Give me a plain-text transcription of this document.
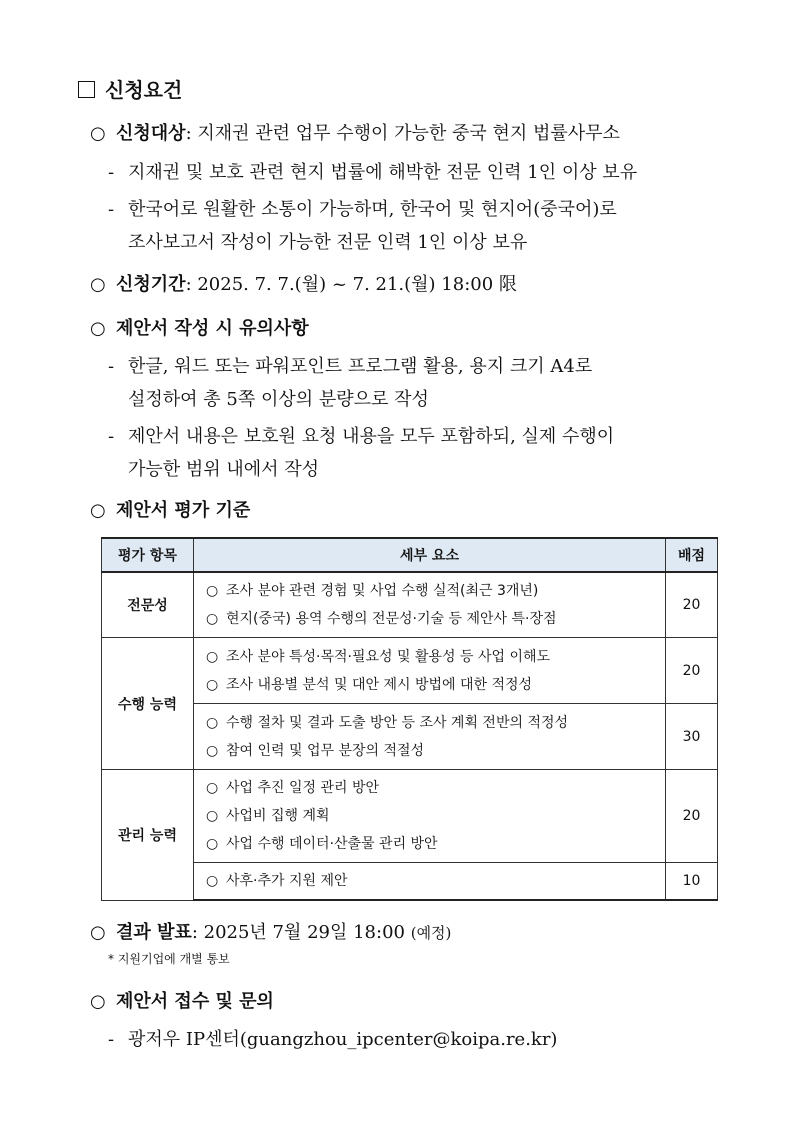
신청요건
○ 신청대상: 지재권 관련 업무 수행이 가능한 중국 현지 법률사무소
- 지재권 및 보호 관련 현지 법률에 해박한 전문 인력 1인 이상 보유
- 한국어로 원활한 소통이 가능하며, 한국어 및 현지어(중국어)로
조사보고서 작성이 가능한 전문 인력 1인 이상 보유
○ 신청기간: 2025. 7. 7.(월) ~ 7. 21.(월) 18:00 限
○ 제안서 작성 시 유의사항
- 한글, 워드 또는 파워포인트 프로그램 활용, 용지 크기 A4로
설정하여 총 5쪽 이상의 분량으로 작성
- 제안서 내용은 보호원 요청 내용을 모두 포함하되, 실제 수행이
가능한 범위 내에서 작성
○ 제안서 평가 기준
평가 항목	세부 요소	배점
전문성	○ 조사 분야 관련 경험 및 사업 수행 실적(최근 3개년)
○ 현지(중국) 용역 수행의 전문성·기술 등 제안사 특·장점	20
수행 능력	○ 조사 분야 특성·목적·필요성 및 활용성 등 사업 이해도
○ 조사 내용별 분석 및 대안 제시 방법에 대한 적정성	20

	○ 수행 절차 및 결과 도출 방안 등 조사 계획 전반의 적정성
○ 참여 인력 및 업무 분장의 적절성	30
관리 능력	○ 사업 추진 일정 관리 방안
○ 사업비 집행 계획
○ 사업 수행 데이터·산출물 관리 방안	20

	○ 사후·추가 지원 제안	10
○ 결과 발표: 2025년 7월 29일 18:00 (예정)
* 지원기업에 개별 통보
○ 제안서 접수 및 문의
- 광저우 IP센터(guangzhou_ipcenter@koipa.re.kr)
